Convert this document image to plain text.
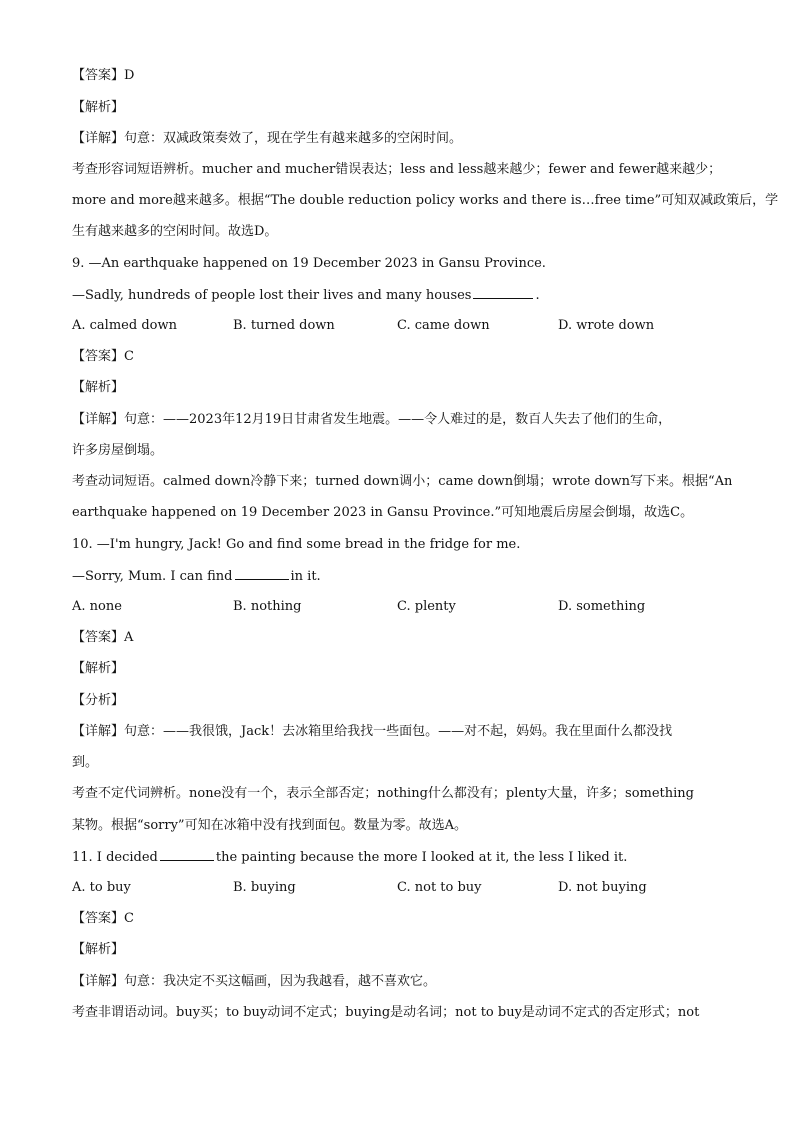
【答案】D
【解析】
【详解】句意：双减政策奏效了，现在学生有越来越多的空闲时间。
考查形容词短语辨析。mucher and mucher错误表达；less and less越来越少；fewer and fewer越来越少；
more and more越来越多。根据“The double reduction policy works and there is…free time”可知双减政策后，学
生有越来越多的空闲时间。故选D。
9. —An earthquake happened on 19 December 2023 in Gansu Province.
—Sadly, hundreds of people lost their lives and many houses	.
A. calmed down	B. turned down	C. came down	D. wrote down
【答案】C
【解析】
【详解】句意：——2023年12月19日甘肃省发生地震。——令人难过的是，数百人失去了他们的生命，
许多房屋倒塌。
考查动词短语。calmed down冷静下来；turned down调小；came down倒塌；wrote down写下来。根据“An
earthquake happened on 19 December 2023 in Gansu Province.”可知地震后房屋会倒塌，故选C。
10. —I'm hungry, Jack! Go and find some bread in the fridge for me.
—Sorry, Mum. I can find	in it.
A. none	B. nothing	C. plenty	D. something
【答案】A
【解析】
【分析】
【详解】句意：——我很饿，Jack！去冰箱里给我找一些面包。——对不起，妈妈。我在里面什么都没找
到。
考查不定代词辨析。none没有一个，表示全部否定；nothing什么都没有；plenty大量，许多；something
某物。根据“sorry”可知在冰箱中没有找到面包。数量为零。故选A。
11. I decided	the painting because the more I looked at it, the less I liked it.
A. to buy	B. buying	C. not to buy	D. not buying
【答案】C
【解析】
【详解】句意：我决定不买这幅画，因为我越看，越不喜欢它。
考查非谓语动词。buy买；to buy动词不定式；buying是动名词；not to buy是动词不定式的否定形式；not
